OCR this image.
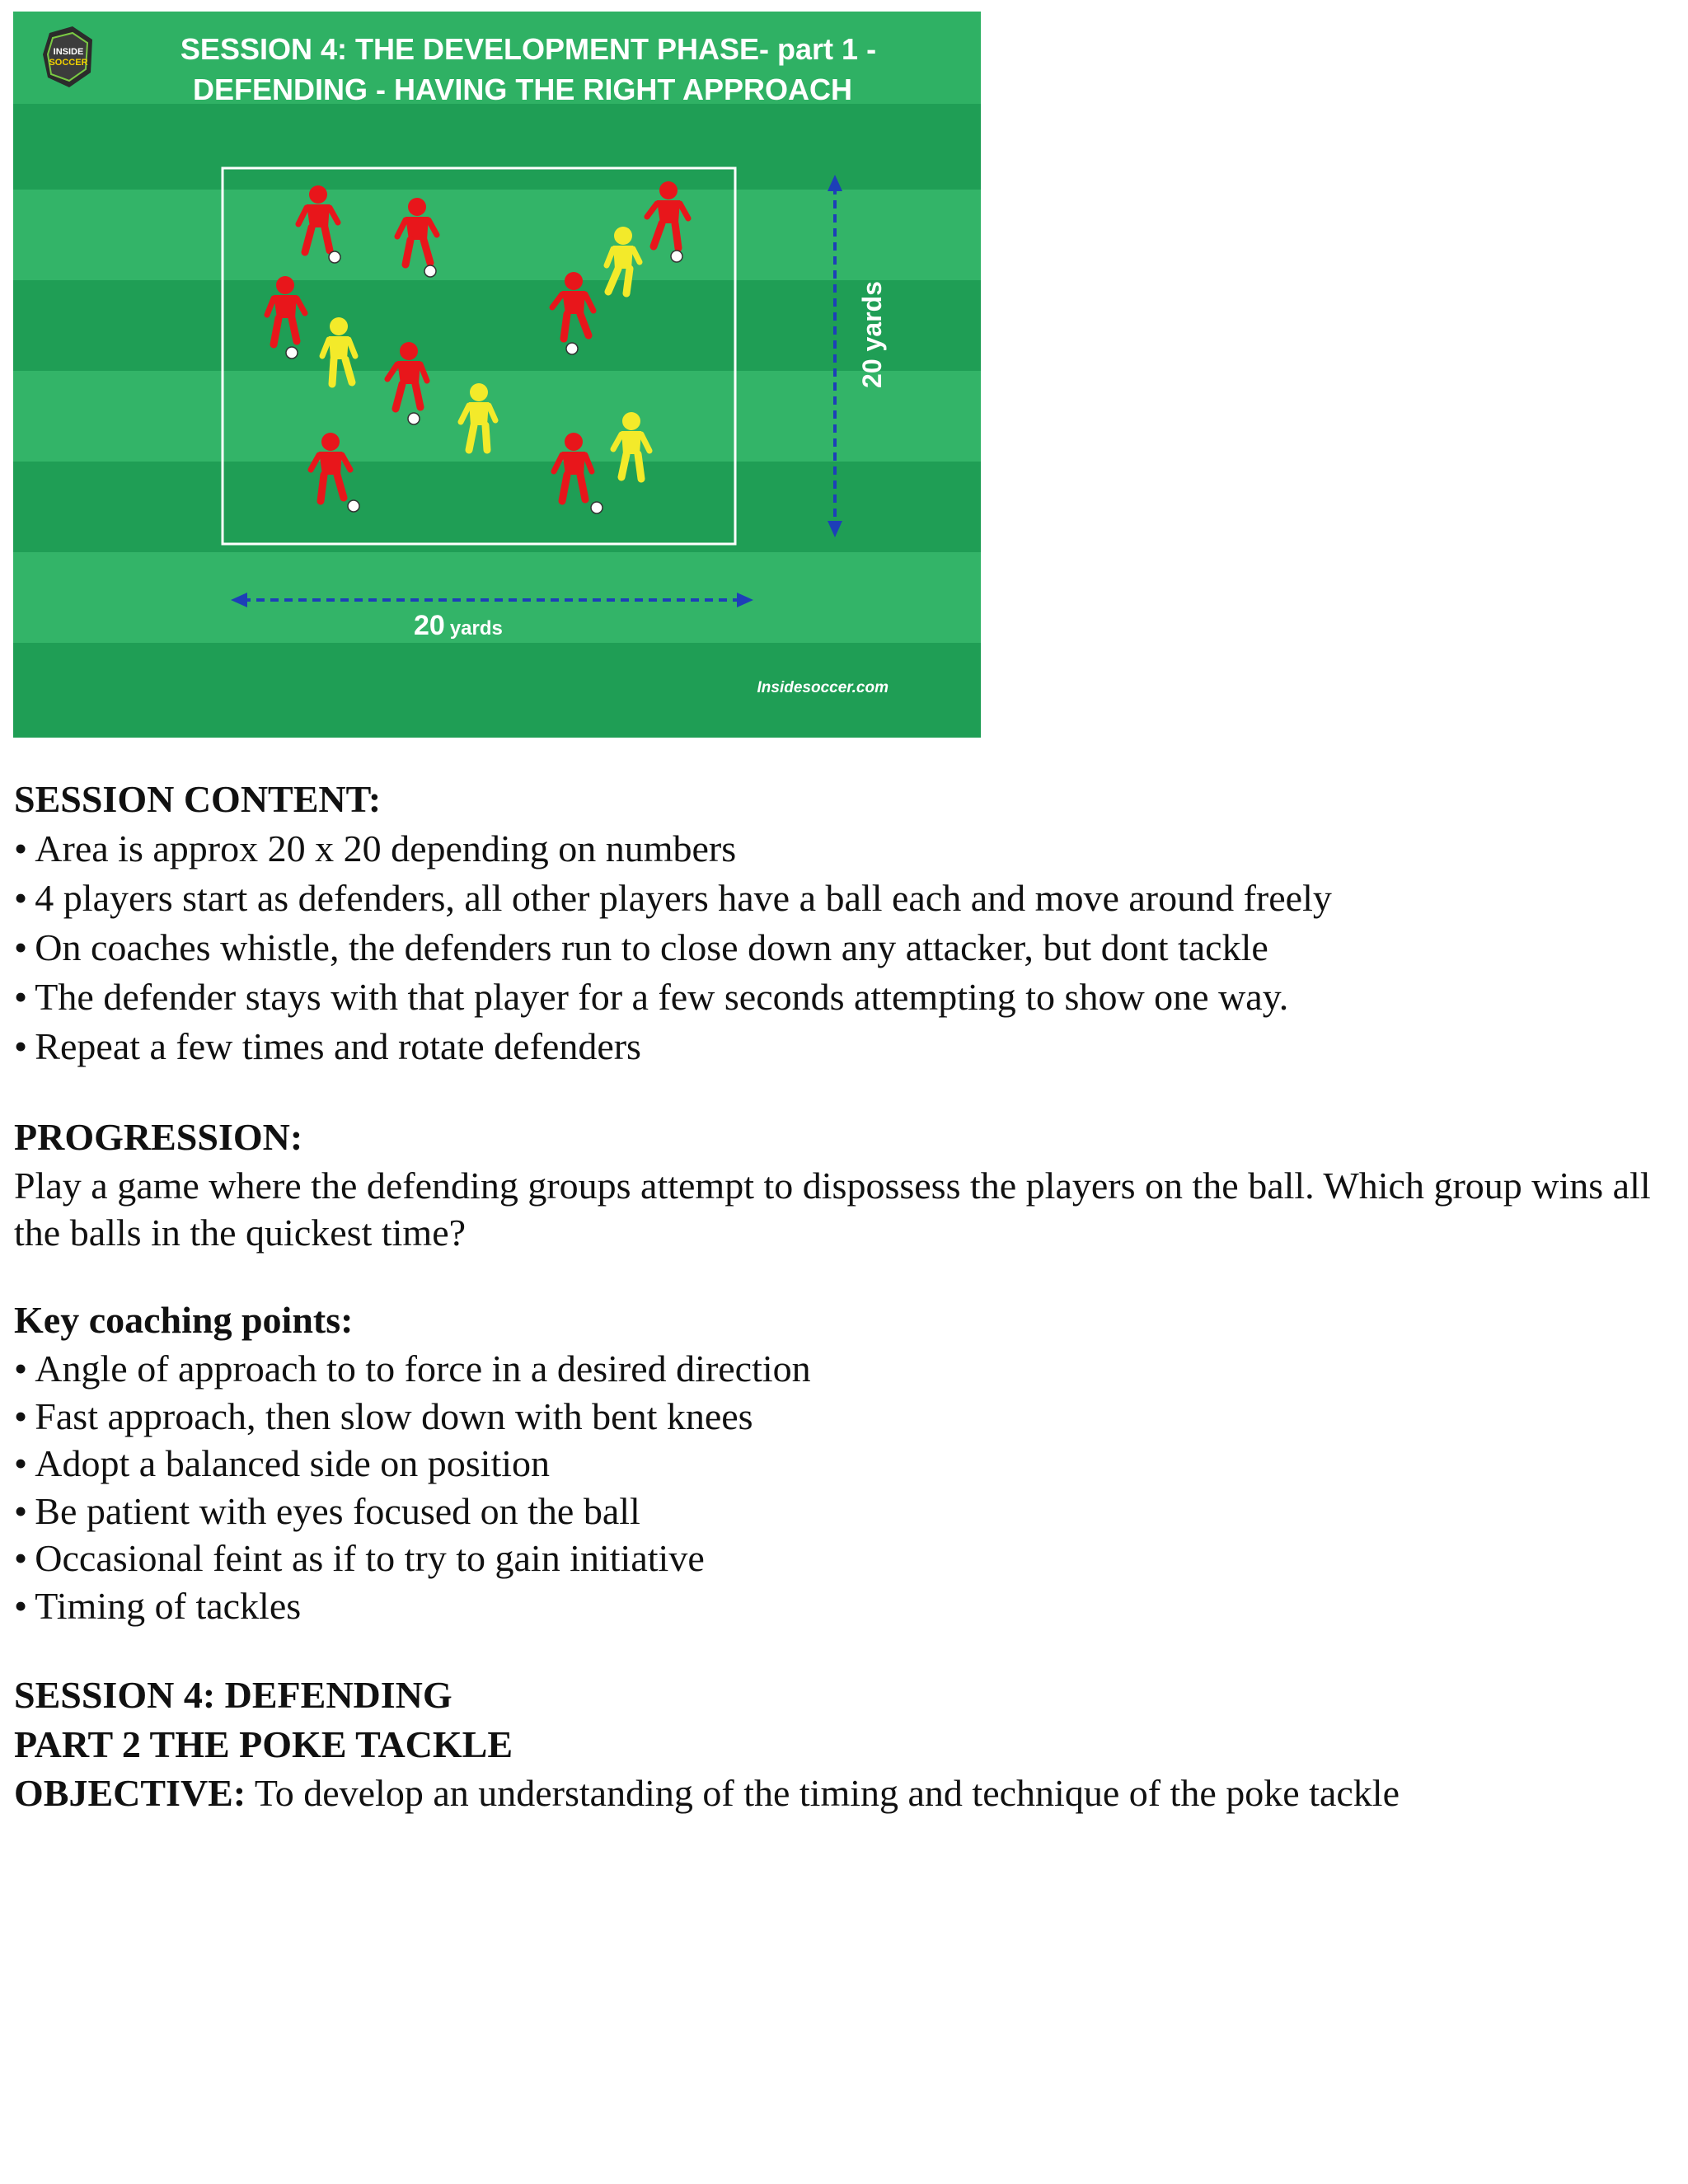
INSIDE
SOCCER	SESSION 4: THE DEVELOPMENT PHASE- part 1 -
DEFENDING - HAVING THE RIGHT APPROACH
20 yards
20 yards
Insidesoccer.com
SESSION CONTENT:
• Area is approx 20 x 20 depending on numbers
• 4 players start as defenders, all other players have a ball each and move around freely
• On coaches whistle, the defenders run to close down any attacker, but dont tackle
• The defender stays with that player for a few seconds attempting to show one way.
• Repeat a few times and rotate defenders
PROGRESSION:

Play a game where the defending groups attempt to dispossess the players on the ball. Which group wins all the balls in the quickest time?

Key coaching points:
• Angle of approach to to force in a desired direction
• Fast approach, then slow down with bent knees
• Adopt a balanced side on position
• Be patient with eyes focused on the ball
• Occasional feint as if to try to gain initiative
• Timing of tackles
SESSION 4: DEFENDING
PART 2 THE POKE TACKLE
OBJECTIVE: To develop an understanding of the timing and technique of the poke tackle
